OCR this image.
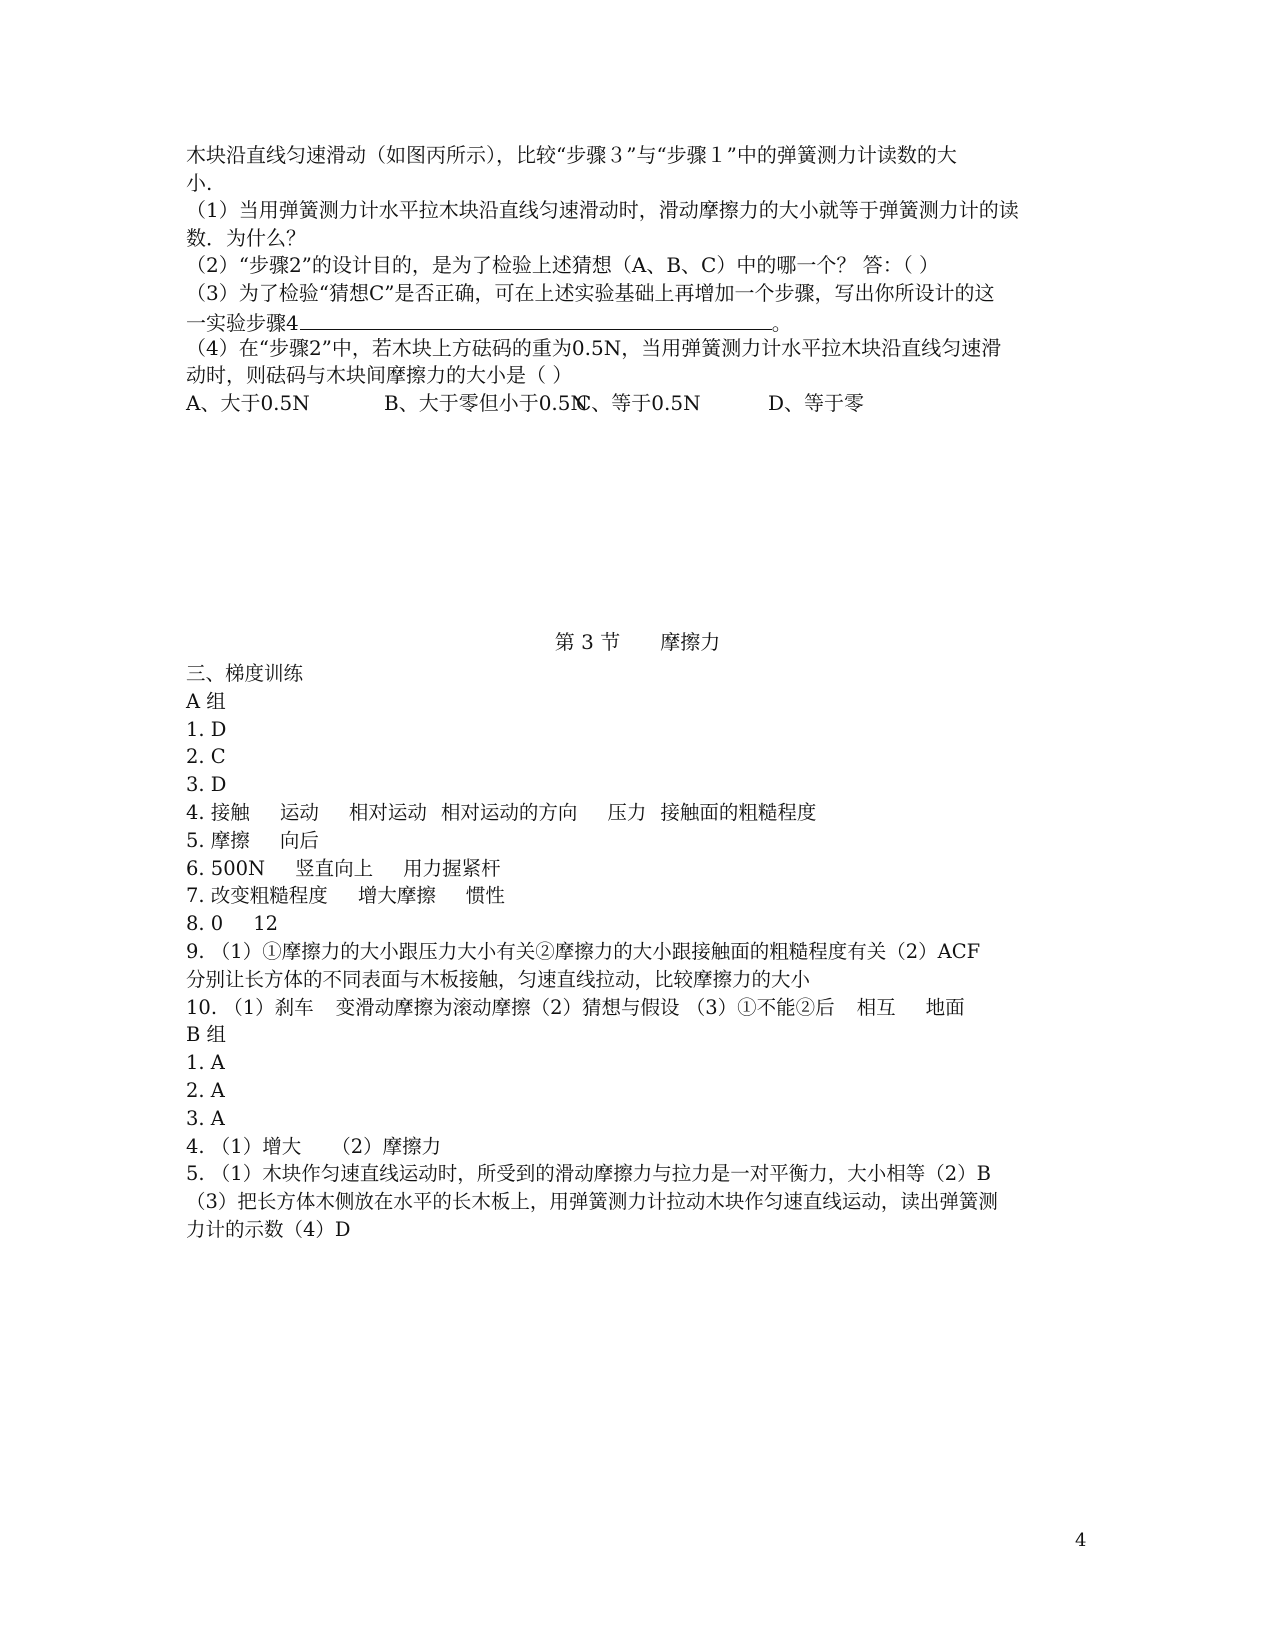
木块沿直线匀速滑动（如图丙所示），比较“步骤３”与“步骤１”中的弹簧测力计读数的大
小.
（1）当用弹簧测力计水平拉木块沿直线匀速滑动时，滑动摩擦力的大小就等于弹簧测力计的读
数．为什么？
（2）“步骤2”的设计目的，是为了检验上述猜想（A、B、C）中的哪一个？ 答：（ ）
（3）为了检验“猜想C”是否正确，可在上述实验基础上再增加一个步骤，写出你所设计的这
一实验步骤4	。
（4）在“步骤2”中，若木块上方砝码的重为0.5N，当用弹簧测力计水平拉木块沿直线匀速滑
动时，则砝码与木块间摩擦力的大小是（ ）
A、大于0.5N	B、大于零但小于0.5NC、等于0.5N	D、等于零
第 3 节 摩擦力
三、梯度训练
A 组
1. D
2. C
3. D
4. 接触 运动 相对运动 相对运动的方向 压力 接触面的粗糙程度
5. 摩擦 向后
6. 500N 竖直向上 用力握紧杆
7. 改变粗糙程度 增大摩擦 惯性
8. 0 12
9. （1）①摩擦力的大小跟压力大小有关②摩擦力的大小跟接触面的粗糙程度有关（2）ACF
分别让长方体的不同表面与木板接触，匀速直线拉动，比较摩擦力的大小
10. （1）刹车 变滑动摩擦为滚动摩擦（2）猜想与假设 （3）①不能②后 相互 地面
B 组
1. A
2. A
3. A
4. （1）增大 （2）摩擦力
5. （1）木块作匀速直线运动时，所受到的滑动摩擦力与拉力是一对平衡力，大小相等（2）B
（3）把长方体木侧放在水平的长木板上，用弹簧测力计拉动木块作匀速直线运动，读出弹簧测
力计的示数（4）D
4
